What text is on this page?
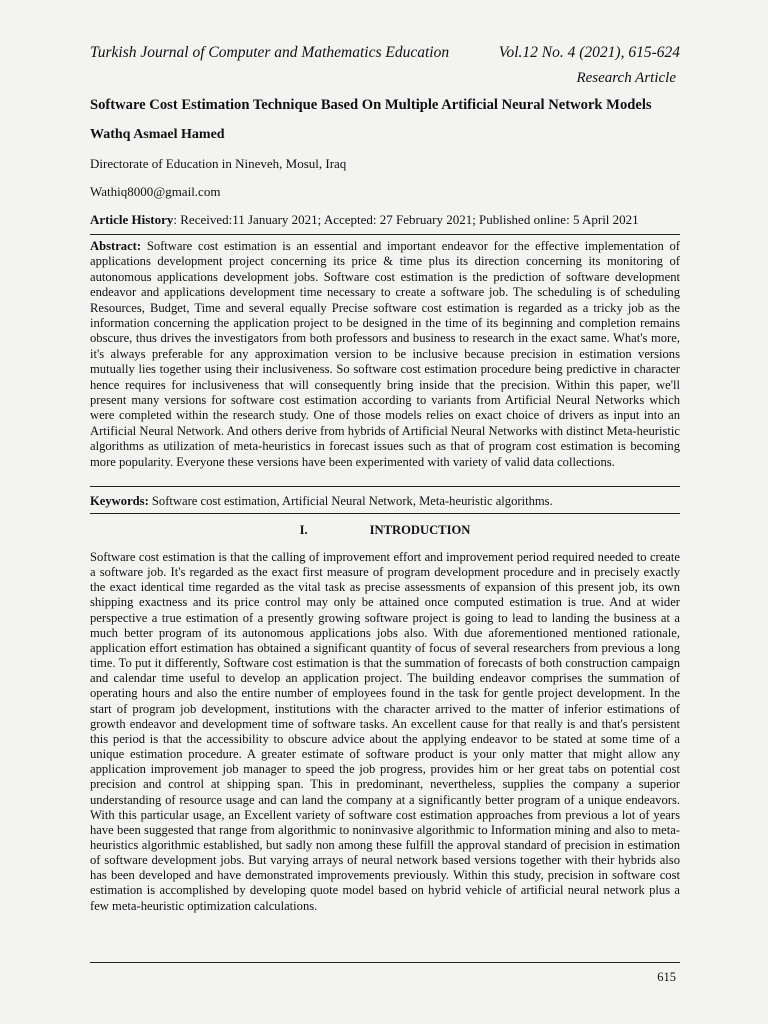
Turkish Journal of Computer and Mathematics Education	Vol.12 No. 4 (2021), 615-624
Research Article
Software Cost Estimation Technique Based On Multiple Artificial Neural Network Models
Wathq Asmael Hamed
Directorate of Education in Nineveh, Mosul, Iraq
Wathiq8000@gmail.com
Article History: Received:11 January 2021; Accepted: 27 February 2021; Published online: 5 April 2021

Abstract: Software cost estimation is an essential and important endeavor for the effective implementation of applications development project concerning its price & time plus its direction concerning its monitoring of autonomous applications development jobs. Software cost estimation is the prediction of software development endeavor and applications development time necessary to create a software job. The scheduling is of scheduling Resources, Budget, Time and several equally Precise software cost estimation is regarded as a tricky job as the information concerning the application project to be designed in the time of its beginning and completion remains obscure, thus drives the investigators from both professors and business to research in the exact same. What's more, it's always preferable for any approximation version to be inclusive because precision in estimation versions mutually lies together using their inclusiveness. So software cost estimation procedure being predictive in character hence requires for inclusiveness that will consequently bring inside that the precision. Within this paper, we'll present many versions for software cost estimation according to variants from Artificial Neural Networks which were completed within the research study. One of those models relies on exact choice of drivers as input into an Artificial Neural Network. And others derive from hybrids of Artificial Neural Networks with distinct Meta-heuristic algorithms as utilization of meta-heuristics in forecast issues such as that of program cost estimation is becoming more popularity. Everyone these versions have been experimented with variety of valid data collections.

Keywords: Software cost estimation, Artificial Neural Network, Meta-heuristic algorithms.

I.	INTRODUCTION

Software cost estimation is that the calling of improvement effort and improvement period required needed to create a software job. It's regarded as the exact first measure of program development procedure and in precisely exactly the exact identical time regarded as the vital task as precise assessments of expansion of this present job, its own shipping exactness and its price control may only be attained once computed estimation is true. And at wider perspective a true estimation of a presently growing software project is going to lead to landing the business at a much better program of its autonomous applications jobs also. With due aforementioned mentioned rationale, application effort estimation has obtained a significant quantity of focus of several researchers from previous a long time. To put it differently, Software cost estimation is that the summation of forecasts of both construction campaign and calendar time useful to develop an application project. The building endeavor comprises the summation of operating hours and also the entire number of employees found in the task for gentle project development. In the start of program job development, institutions with the character arrived to the matter of inferior estimations of growth endeavor and development time of software tasks. An excellent cause for that really is and that's persistent this period is that the accessibility to obscure advice about the applying endeavor to be stated at some time of a unique estimation procedure. A greater estimate of software product is your only matter that might allow any application improvement job manager to speed the job progress, provides him or her great tabs on potential cost precision and control at shipping span. This in predominant, nevertheless, supplies the company a superior understanding of resource usage and can land the company at a significantly better program of a unique endeavors. With this particular usage, an Excellent variety of software cost estimation approaches from previous a lot of years have been suggested that range from algorithmic to noninvasive algorithmic to Information mining and also to meta-heuristics algorithmic established, but sadly non among these fulfill the approval standard of precision in estimation of software development jobs. But varying arrays of neural network based versions together with their hybrids also has been developed and have demonstrated improvements previously. Within this study, precision in software cost estimation is accomplished by developing quote model based on hybrid vehicle of artificial neural network plus a few meta-heuristic optimization calculations.

615
